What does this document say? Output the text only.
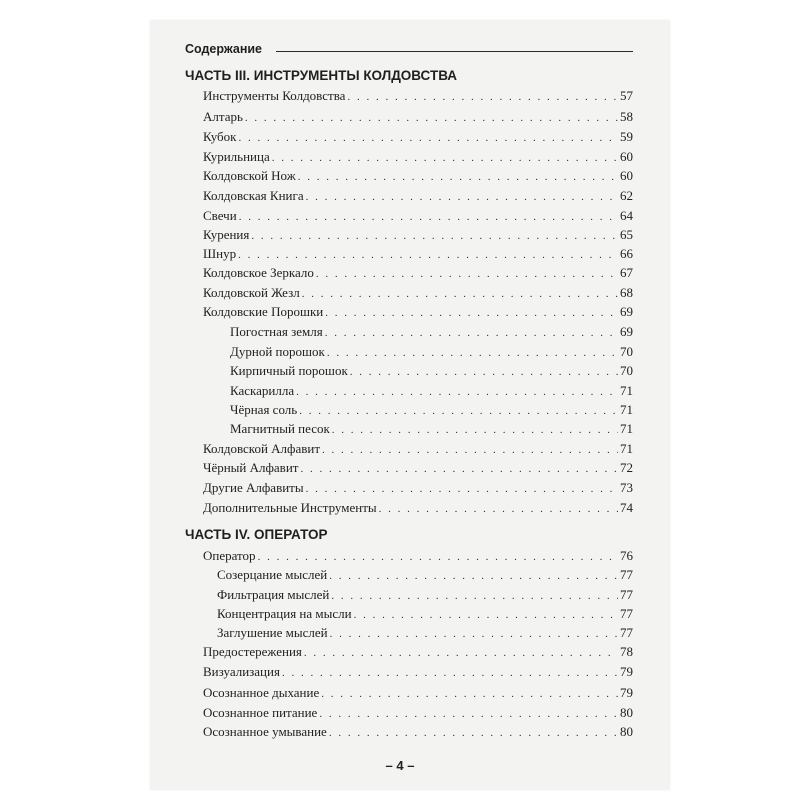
Содержание
ЧАСТЬ III. ИНСТРУМЕНТЫ КОЛДОВСТВА
Инструменты Колдовства . . .	57
Алтарь . . .	58
Кубок . . .	59
Курильница . . .	60
Колдовской Нож . . .	60
Колдовская Книга . . .	62
Свечи . . .	64
Курения . . .	65
Шнур . . .	66
Колдовское Зеркало . . .	67
Колдовской Жезл . . .	68
Колдовские Порошки . . .	69
Погостная земля . . .	69
Дурной порошок . . .	70
Кирпичный порошок . . .	70
Каскарилла . . .	71
Чёрная соль . . .	71
Магнитный песок . . .	71
Колдовской Алфавит . . .	71
Чёрный Алфавит . . .	72
Другие Алфавиты . . .	73
Дополнительные Инструменты . . .	74
ЧАСТЬ IV. ОПЕРАТОР
Оператор . . .	76
Созерцание мыслей . . .	77
Фильтрация мыслей . . .	77
Концентрация на мысли . . .	77
Заглушение мыслей . . .	77
Предостережения . . .	78
Визуализация . . .	79
Осознанное дыхание . . .	79
Осознанное питание . . .	80
Осознанное умывание . . .	80
– 4 –
